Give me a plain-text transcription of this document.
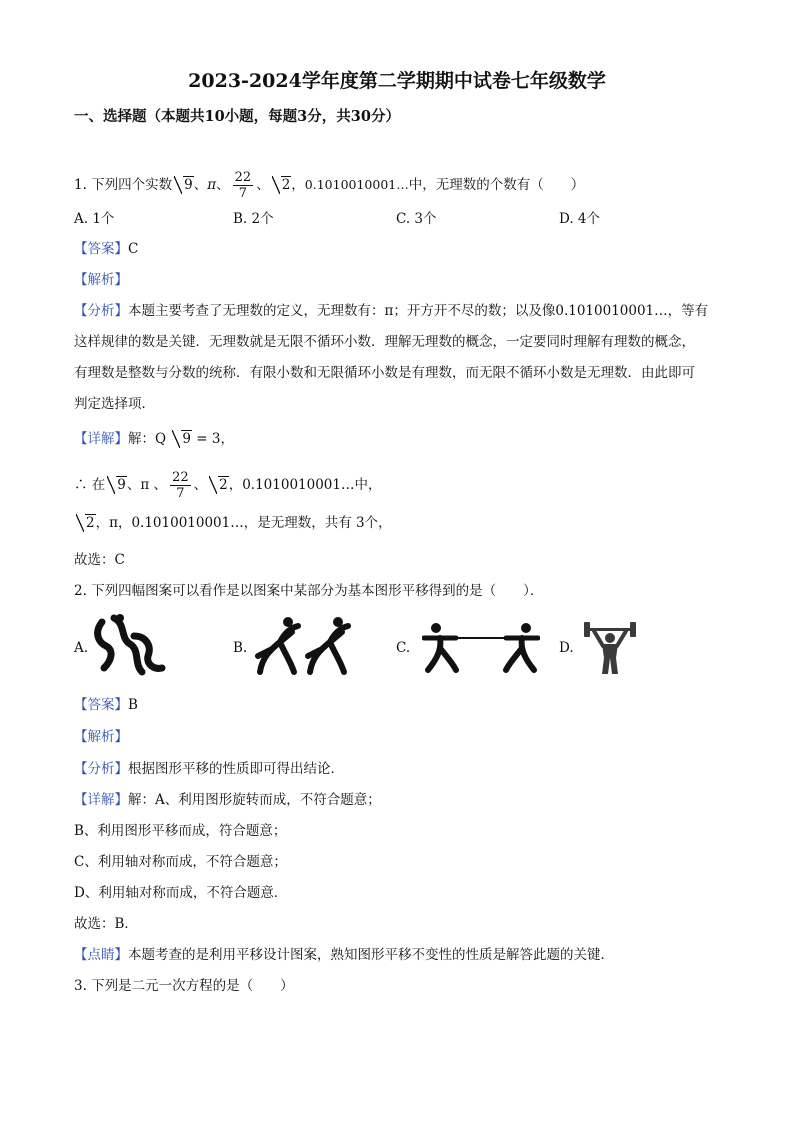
2023-2024学年度第二学期期中试卷七年级数学
一、选择题（本题共10小题，每题3分，共30分）
1. 下列四个实数 9、π、 $\frac{22}{7}$ 、 2，0.1010010001…中，无理数的个数有（　　）
A. 1个	B. 2个	C. 3个	D. 4个
【答案】C
【解析】
【分析】本题主要考查了无理数的定义，无理数有：π；开方开不尽的数；以及像0.1010010001…，等有
这样规律的数是关键．无理数就是无限不循环小数．理解无理数的概念，一定要同时理解有理数的概念，
有理数是整数与分数的统称．有限小数和无限循环小数是有理数，而无限不循环小数是无理数．由此即可
判定选择项．
【详解】解：Q 9 = 3，
∴ 在 9、π 、 $\frac{22}{7}$ 、 2，0.1010010001…中，
2，π，0.1010010001…，是无理数，共有 3个，
故选：C
2. 下列四幅图案可以看作是以图案中某部分为基本图形平移得到的是（　　）．
A.	B.	C.	D.
【答案】B
【解析】
【分析】根据图形平移的性质即可得出结论．
【详解】解：A、利用图形旋转而成，不符合题意；
B、利用图形平移而成，符合题意；
C、利用轴对称而成，不符合题意；
D、利用轴对称而成，不符合题意．
故选：B．
【点睛】本题考查的是利用平移设计图案，熟知图形平移不变性的性质是解答此题的关键．
3. 下列是二元一次方程的是（　　）
